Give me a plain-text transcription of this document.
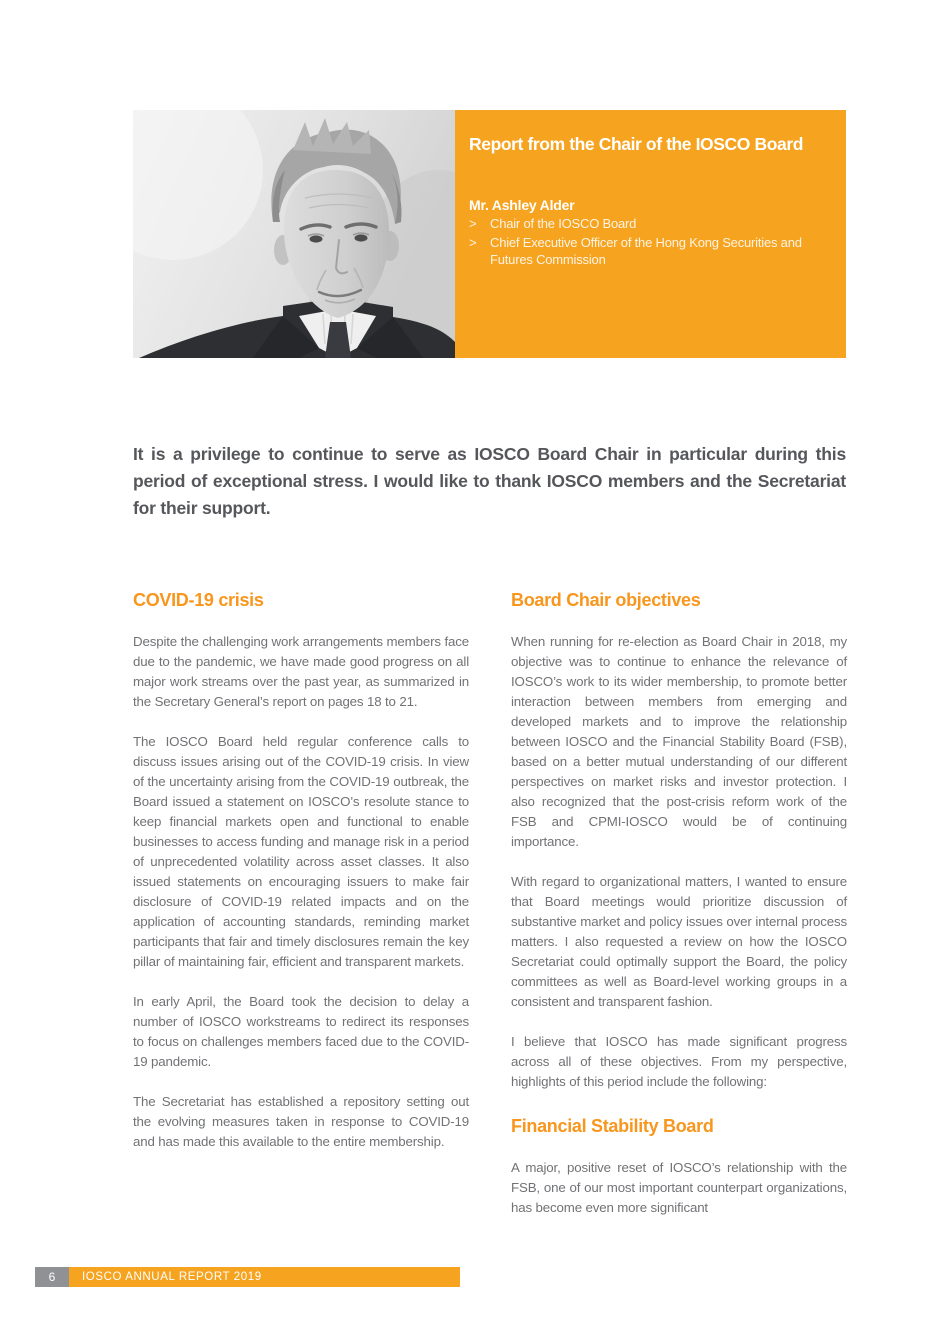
Report from the Chair of the IOSCO Board
Mr. Ashley Alder
>	Chair of the IOSCO Board
>	Chief Executive Officer of the Hong Kong Securities and Futures Commission
It is a privilege to continue to serve as IOSCO Board Chair in particular during this period of exceptional stress. I would like to thank IOSCO members and the Secretariat for their support.
COVID-19 crisis

Despite the challenging work arrangements members face due to the pandemic, we have made good progress on all major work streams over the past year, as summarized in the Secretary General’s report on pages 18 to 21.

The IOSCO Board held regular conference calls to discuss issues arising out of the COVID-19 crisis. In view of the uncertainty arising from the COVID-19 outbreak, the Board issued a statement on IOSCO’s resolute stance to keep financial markets open and functional to enable businesses to access funding and manage risk in a period of unprecedented volatility across asset classes. It also issued statements on encouraging issuers to make fair disclosure of COVID-19 related impacts and on the application of accounting standards, reminding market participants that fair and timely disclosures remain the key pillar of maintaining fair, efficient and transparent markets.

In early April, the Board took the decision to delay a number of IOSCO workstreams to redirect its responses to focus on challenges members faced due to the COVID-19 pandemic.

The Secretariat has established a repository setting out the evolving measures taken in response to COVID-19 and has made this available to the entire membership.

Board Chair objectives

When running for re-election as Board Chair in 2018, my objective was to continue to enhance the relevance of IOSCO’s work to its wider membership, to promote better interaction between members from emerging and developed markets and to improve the relationship between IOSCO and the Financial Stability Board (FSB), based on a better mutual understanding of our different perspectives on market risks and investor protection. I also recognized that the post-crisis reform work of the FSB and CPMI-IOSCO would be of continuing importance.

With regard to organizational matters, I wanted to ensure that Board meetings would prioritize discussion of substantive market and policy issues over internal process matters. I also requested a review on how the IOSCO Secretariat could optimally support the Board, the policy committees as well as Board-level working groups in a consistent and transparent fashion.

I believe that IOSCO has made significant progress across all of these objectives. From my perspective, highlights of this period include the following:

Financial Stability Board

A major, positive reset of IOSCO’s relationship with the FSB, one of our most important counterpart organizations, has become even more significant

6	IOSCO ANNUAL REPORT 2019
